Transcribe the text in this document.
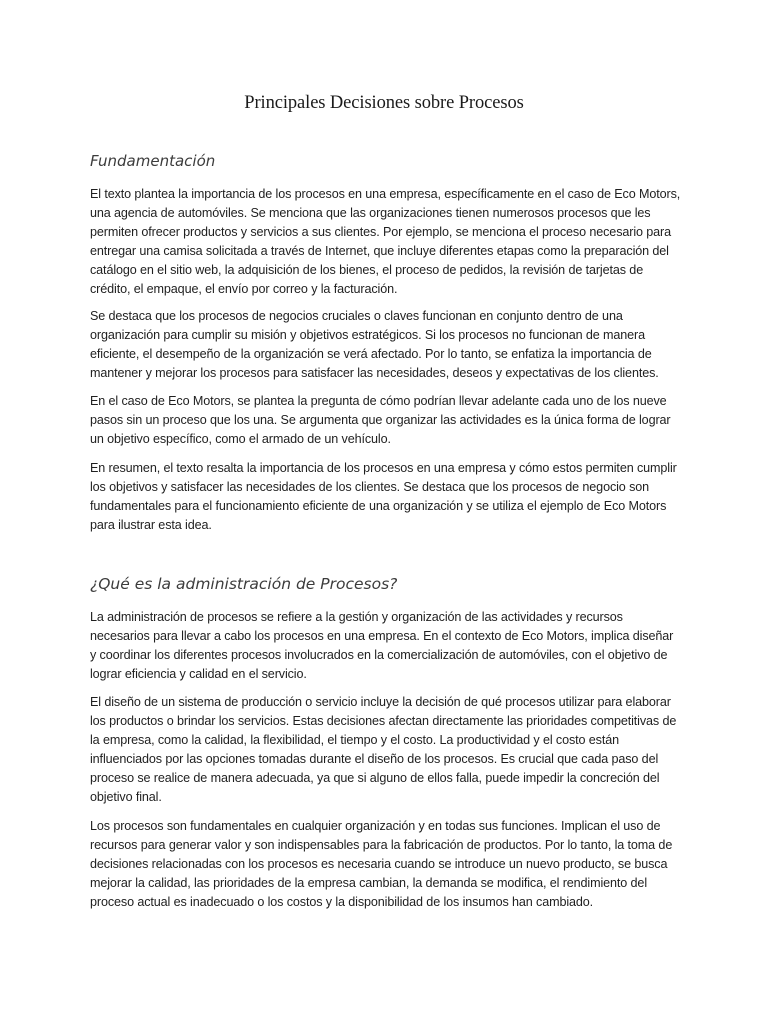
Principales Decisiones sobre Procesos
Fundamentación

El texto plantea la importancia de los procesos en una empresa, específicamente en el caso de Eco Motors, una agencia de automóviles. Se menciona que las organizaciones tienen numerosos procesos que les permiten ofrecer productos y servicios a sus clientes. Por ejemplo, se menciona el proceso necesario para entregar una camisa solicitada a través de Internet, que incluye diferentes etapas como la preparación del catálogo en el sitio web, la adquisición de los bienes, el proceso de pedidos, la revisión de tarjetas de crédito, el empaque, el envío por correo y la facturación.

Se destaca que los procesos de negocios cruciales o claves funcionan en conjunto dentro de una organización para cumplir su misión y objetivos estratégicos. Si los procesos no funcionan de manera eficiente, el desempeño de la organización se verá afectado. Por lo tanto, se enfatiza la importancia de mantener y mejorar los procesos para satisfacer las necesidades, deseos y expectativas de los clientes.

En el caso de Eco Motors, se plantea la pregunta de cómo podrían llevar adelante cada uno de los nueve pasos sin un proceso que los una. Se argumenta que organizar las actividades es la única forma de lograr un objetivo específico, como el armado de un vehículo.

En resumen, el texto resalta la importancia de los procesos en una empresa y cómo estos permiten cumplir los objetivos y satisfacer las necesidades de los clientes. Se destaca que los procesos de negocio son fundamentales para el funcionamiento eficiente de una organización y se utiliza el ejemplo de Eco Motors para ilustrar esta idea.

¿Qué es la administración de Procesos?

La administración de procesos se refiere a la gestión y organización de las actividades y recursos necesarios para llevar a cabo los procesos en una empresa. En el contexto de Eco Motors, implica diseñar y coordinar los diferentes procesos involucrados en la comercialización de automóviles, con el objetivo de lograr eficiencia y calidad en el servicio.

El diseño de un sistema de producción o servicio incluye la decisión de qué procesos utilizar para elaborar los productos o brindar los servicios. Estas decisiones afectan directamente las prioridades competitivas de la empresa, como la calidad, la flexibilidad, el tiempo y el costo. La productividad y el costo están influenciados por las opciones tomadas durante el diseño de los procesos. Es crucial que cada paso del proceso se realice de manera adecuada, ya que si alguno de ellos falla, puede impedir la concreción del objetivo final.

Los procesos son fundamentales en cualquier organización y en todas sus funciones. Implican el uso de recursos para generar valor y son indispensables para la fabricación de productos. Por lo tanto, la toma de decisiones relacionadas con los procesos es necesaria cuando se introduce un nuevo producto, se busca mejorar la calidad, las prioridades de la empresa cambian, la demanda se modifica, el rendimiento del proceso actual es inadecuado o los costos y la disponibilidad de los insumos han cambiado.
